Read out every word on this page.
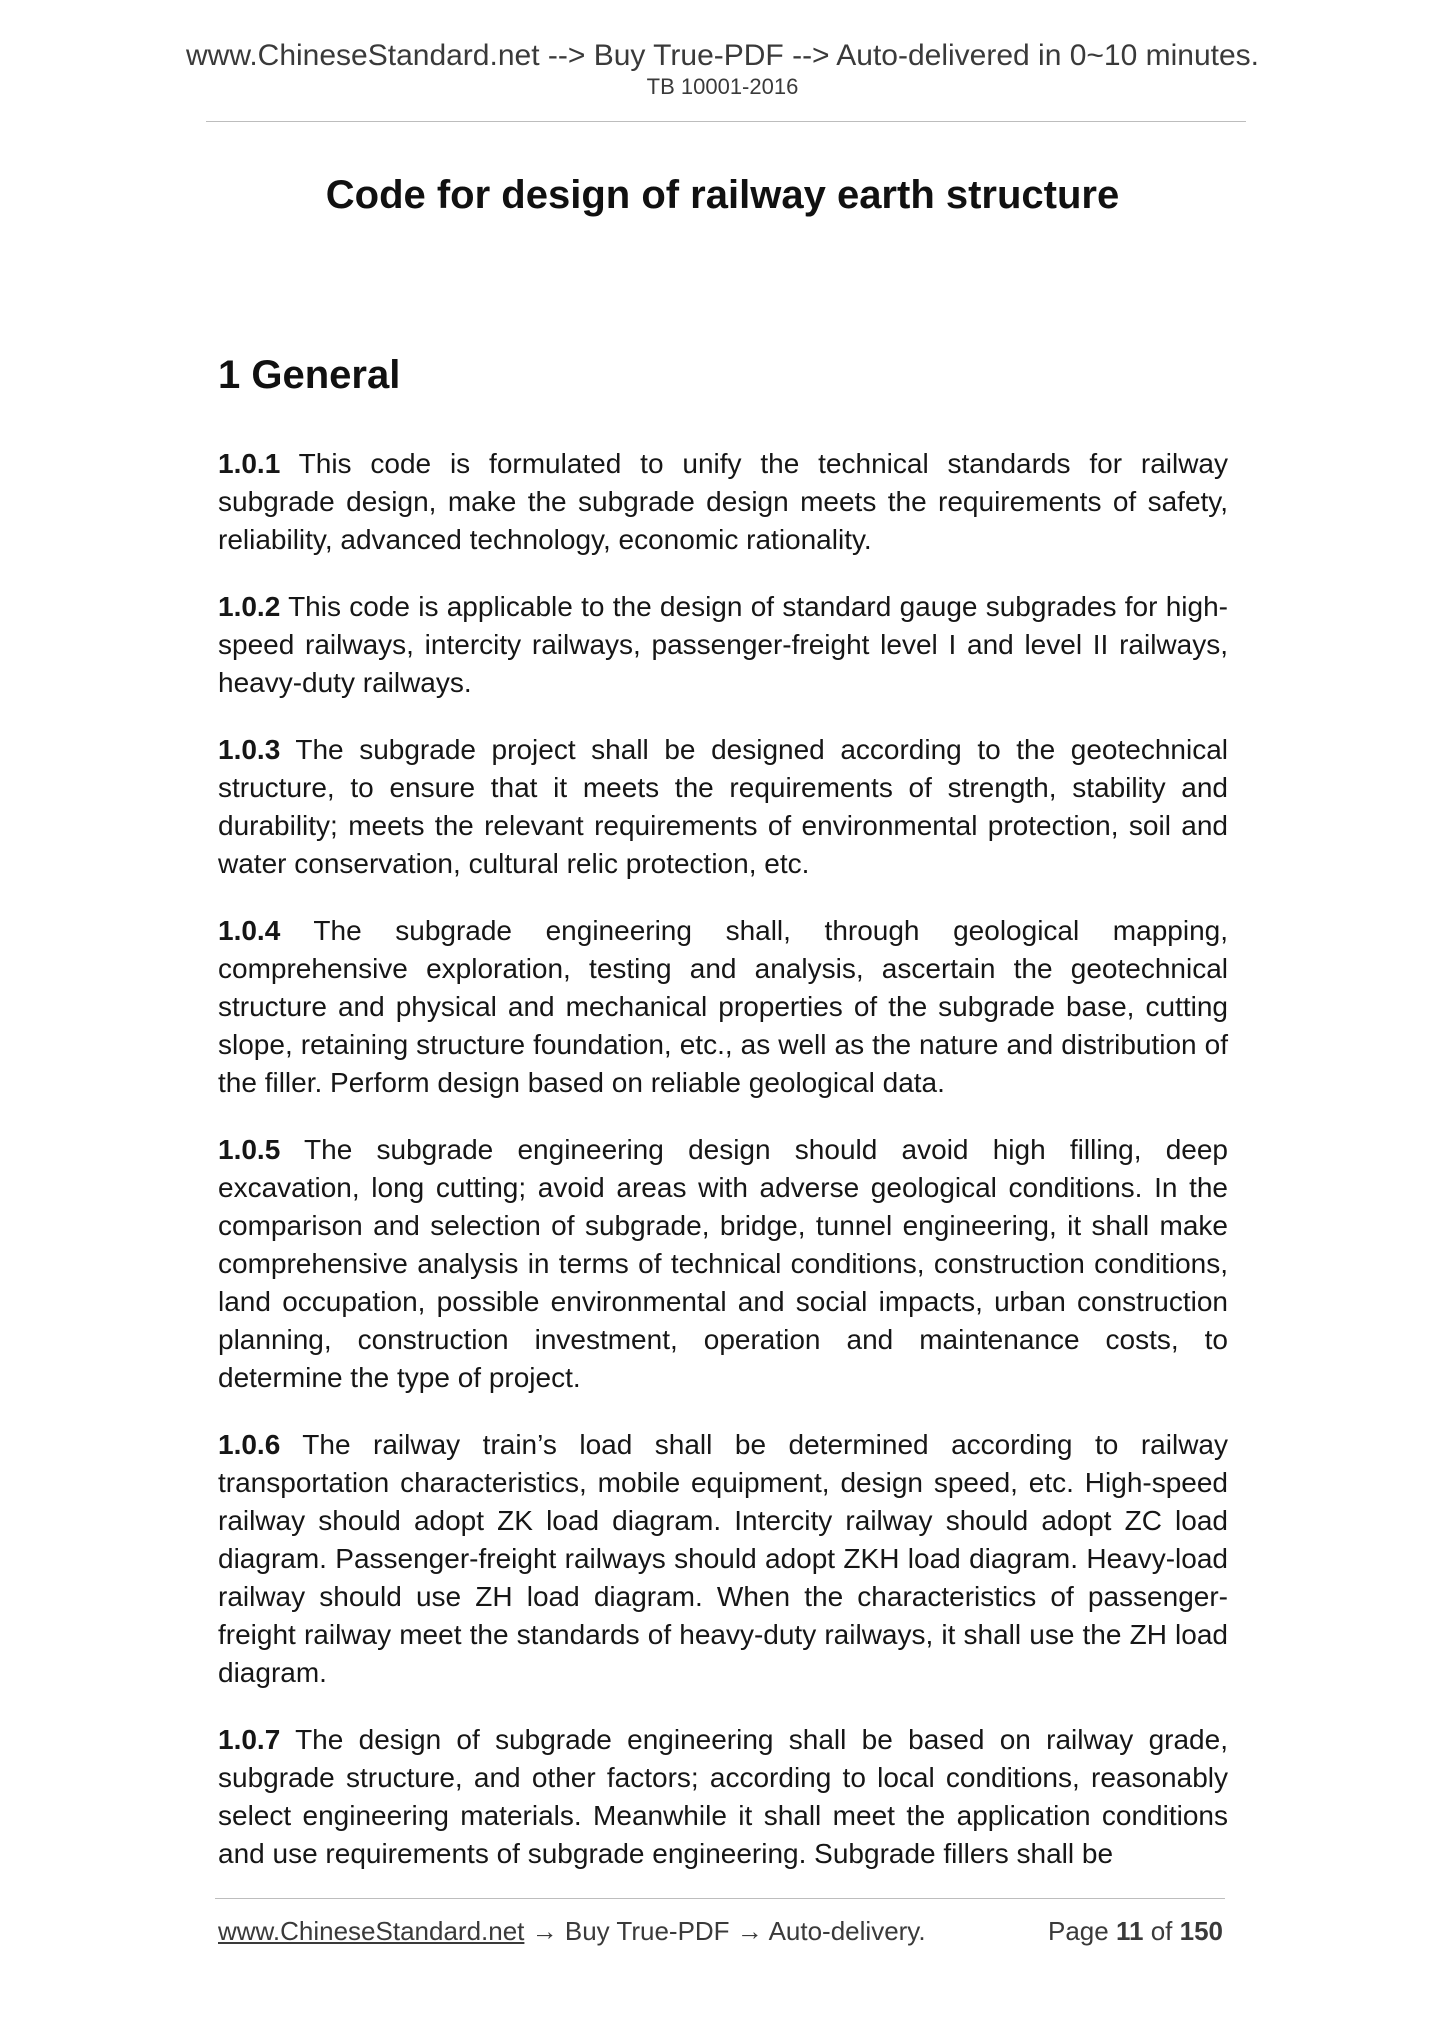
www.ChineseStandard.net --> Buy True-PDF --> Auto-delivered in 0~10 minutes.
TB 10001-2016
Code for design of railway earth structure
1 General

1.0.1 This code is formulated to unify the technical standards for railway subgrade design, make the subgrade design meets the requirements of safety, reliability, advanced technology, economic rationality.

1.0.2 This code is applicable to the design of standard gauge subgrades for high-speed railways, intercity railways, passenger-freight level I and level II railways, heavy-duty railways.

1.0.3 The subgrade project shall be designed according to the geotechnical structure, to ensure that it meets the requirements of strength, stability and durability; meets the relevant requirements of environmental protection, soil and water conservation, cultural relic protection, etc.

1.0.4 The subgrade engineering shall, through geological mapping, comprehensive exploration, testing and analysis, ascertain the geotechnical structure and physical and mechanical properties of the subgrade base, cutting slope, retaining structure foundation, etc., as well as the nature and distribution of the filler. Perform design based on reliable geological data.

1.0.5 The subgrade engineering design should avoid high filling, deep excavation, long cutting; avoid areas with adverse geological conditions. In the comparison and selection of subgrade, bridge, tunnel engineering, it shall make comprehensive analysis in terms of technical conditions, construction conditions, land occupation, possible environmental and social impacts, urban construction planning, construction investment, operation and maintenance costs, to determine the type of project.

1.0.6 The railway train’s load shall be determined according to railway transportation characteristics, mobile equipment, design speed, etc. High-speed railway should adopt ZK load diagram. Intercity railway should adopt ZC load diagram. Passenger-freight railways should adopt ZKH load diagram. Heavy-load railway should use ZH load diagram. When the characteristics of passenger-freight railway meet the standards of heavy-duty railways, it shall use the ZH load diagram.

1.0.7 The design of subgrade engineering shall be based on railway grade, subgrade structure, and other factors; according to local conditions, reasonably select engineering materials. Meanwhile it shall meet the application conditions and use requirements of subgrade engineering. Subgrade fillers shall be

www.ChineseStandard.net → Buy True-PDF → Auto-delivery.	Page 11 of 150
